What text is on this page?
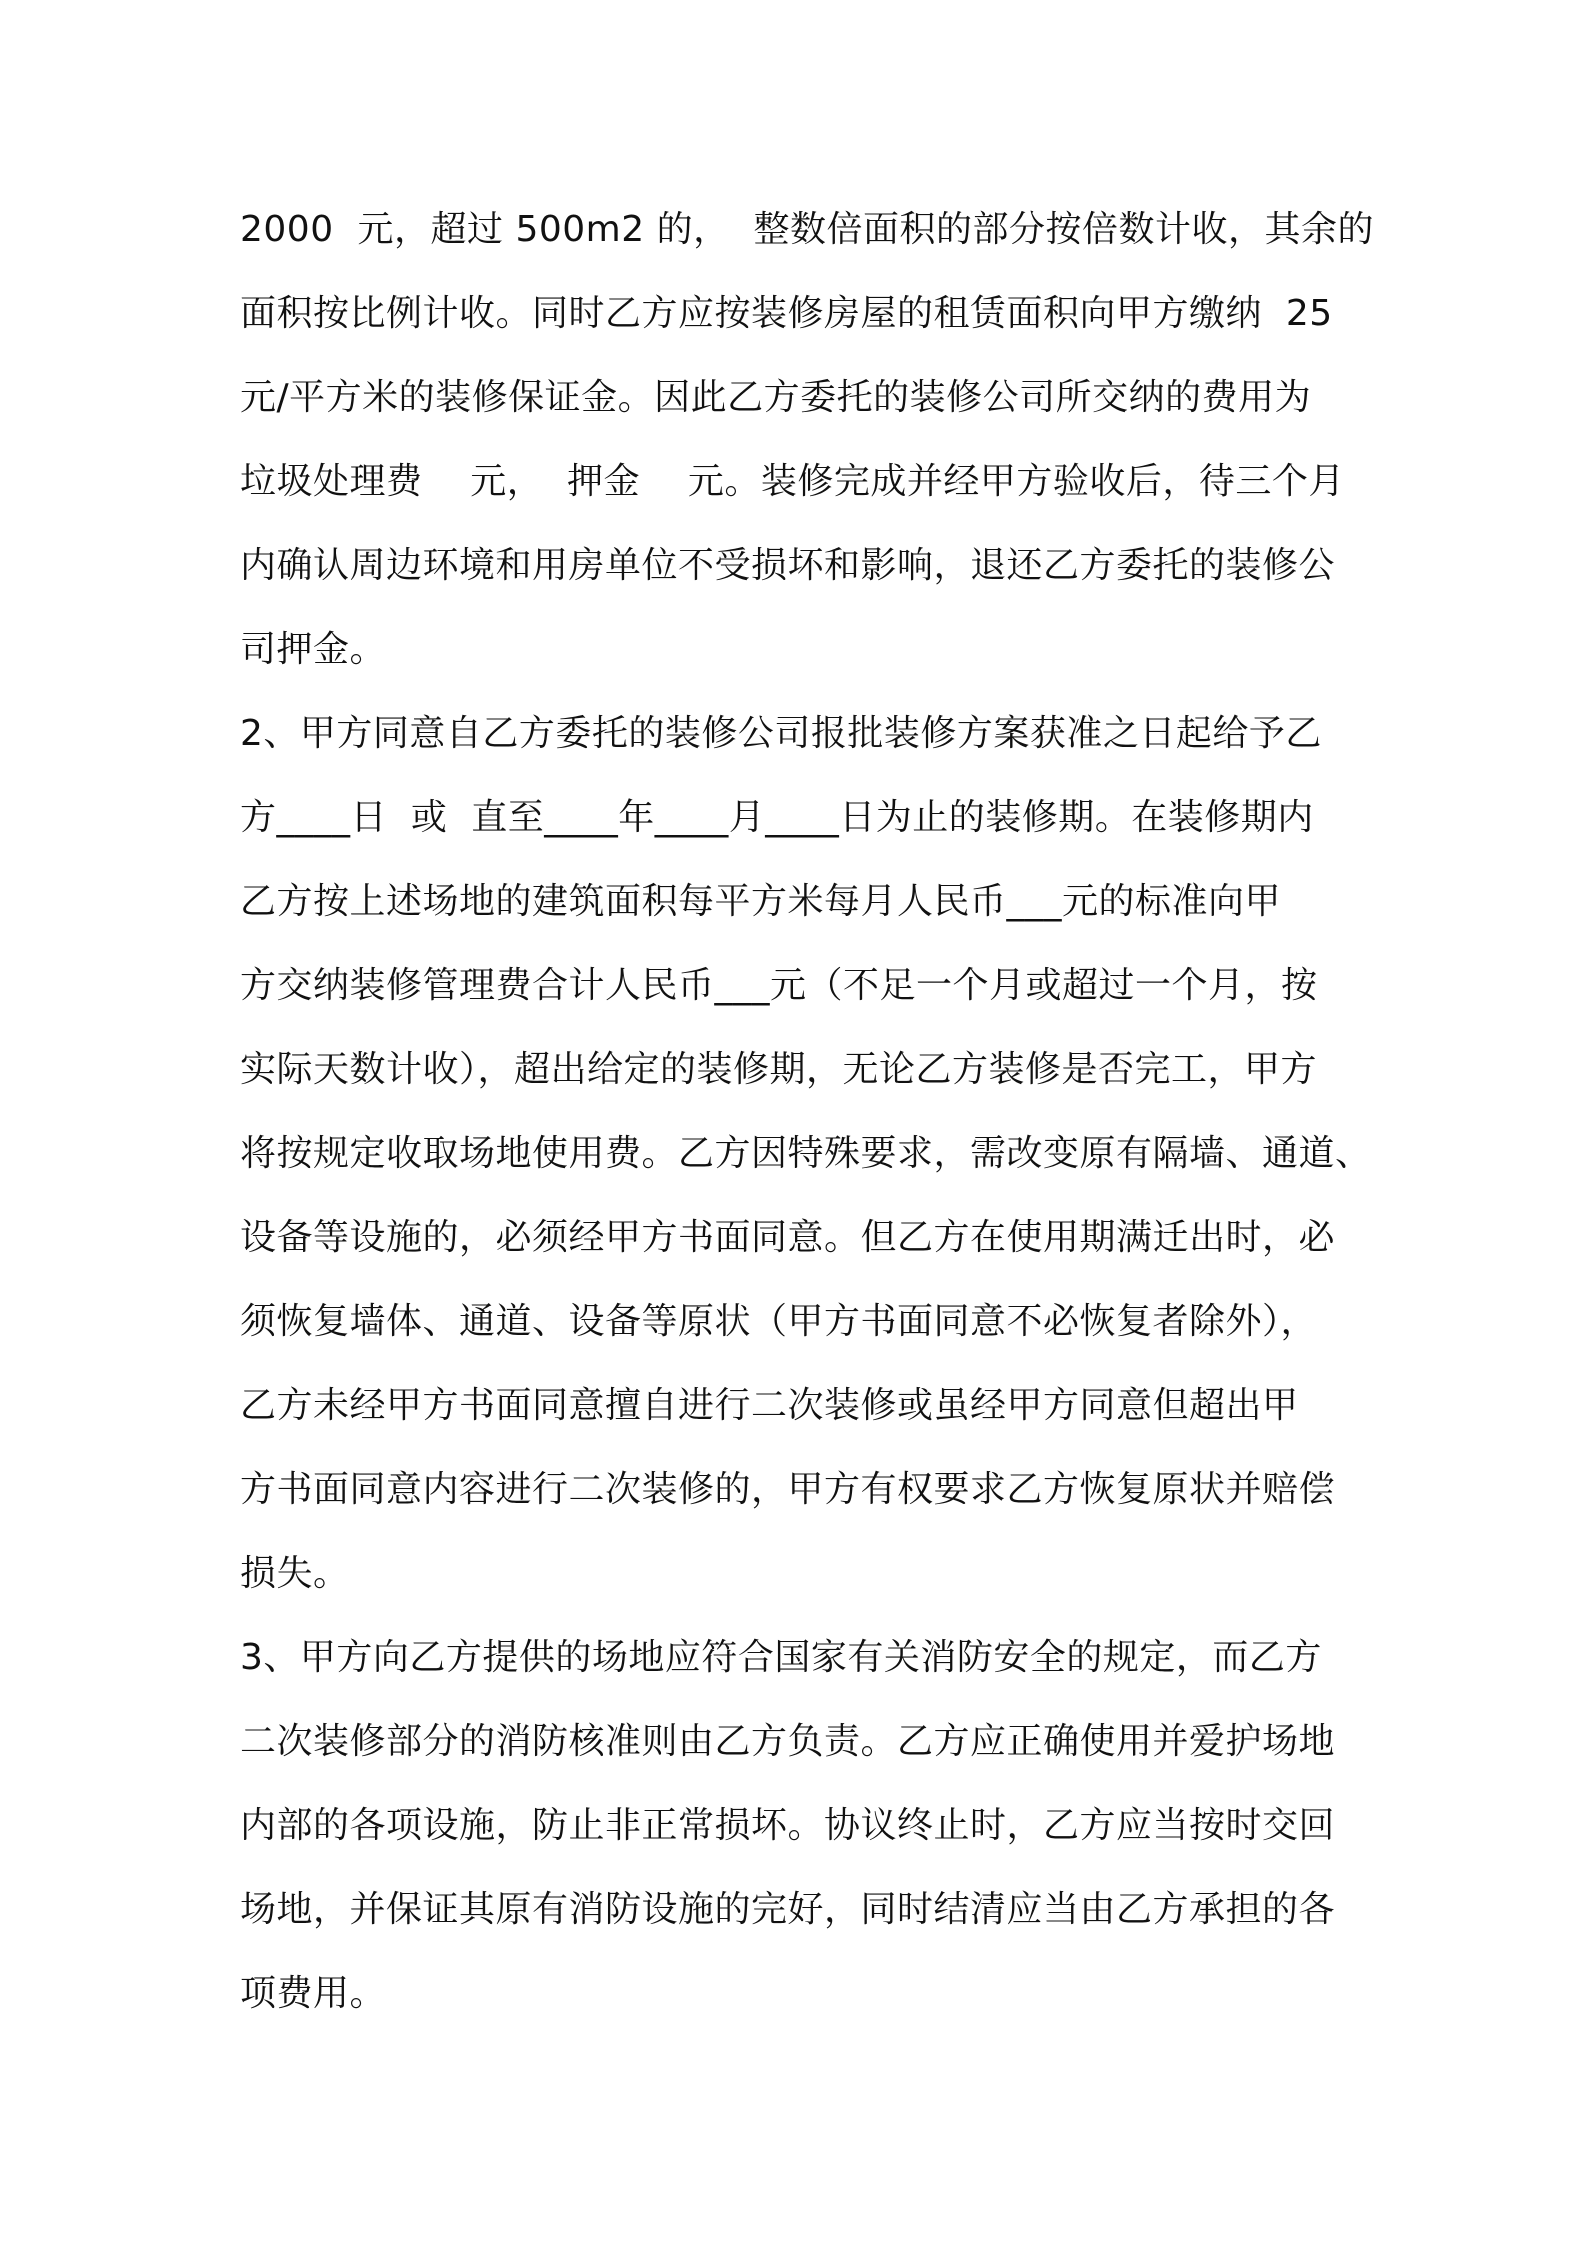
2000  元，超过 500m2 的，  整数倍面积的部分按倍数计收，其余的
面积按比例计收。同时乙方应按装修房屋的租赁面积向甲方缴纳  25
元/平方米的装修保证金。因此乙方委托的装修公司所交纳的费用为
垃圾处理费    元，  押金    元。装修完成并经甲方验收后，待三个月
内确认周边环境和用房单位不受损坏和影响，退还乙方委托的装修公
司押金。
2、甲方同意自乙方委托的装修公司报批装修方案获准之日起给予乙
方____日  或  直至____年____月____日为止的装修期。在装修期内
乙方按上述场地的建筑面积每平方米每月人民币___元的标准向甲
方交纳装修管理费合计人民币___元（不足一个月或超过一个月，按
实际天数计收），超出给定的装修期，无论乙方装修是否完工，甲方
将按规定收取场地使用费。乙方因特殊要求，需改变原有隔墙、通道、
设备等设施的，必须经甲方书面同意。但乙方在使用期满迁出时，必
须恢复墙体、通道、设备等原状（甲方书面同意不必恢复者除外），
乙方未经甲方书面同意擅自进行二次装修或虽经甲方同意但超出甲
方书面同意内容进行二次装修的，甲方有权要求乙方恢复原状并赔偿
损失。
3、甲方向乙方提供的场地应符合国家有关消防安全的规定，而乙方
二次装修部分的消防核准则由乙方负责。乙方应正确使用并爱护场地
内部的各项设施，防止非正常损坏。协议终止时，乙方应当按时交回
场地，并保证其原有消防设施的完好，同时结清应当由乙方承担的各
项费用。
